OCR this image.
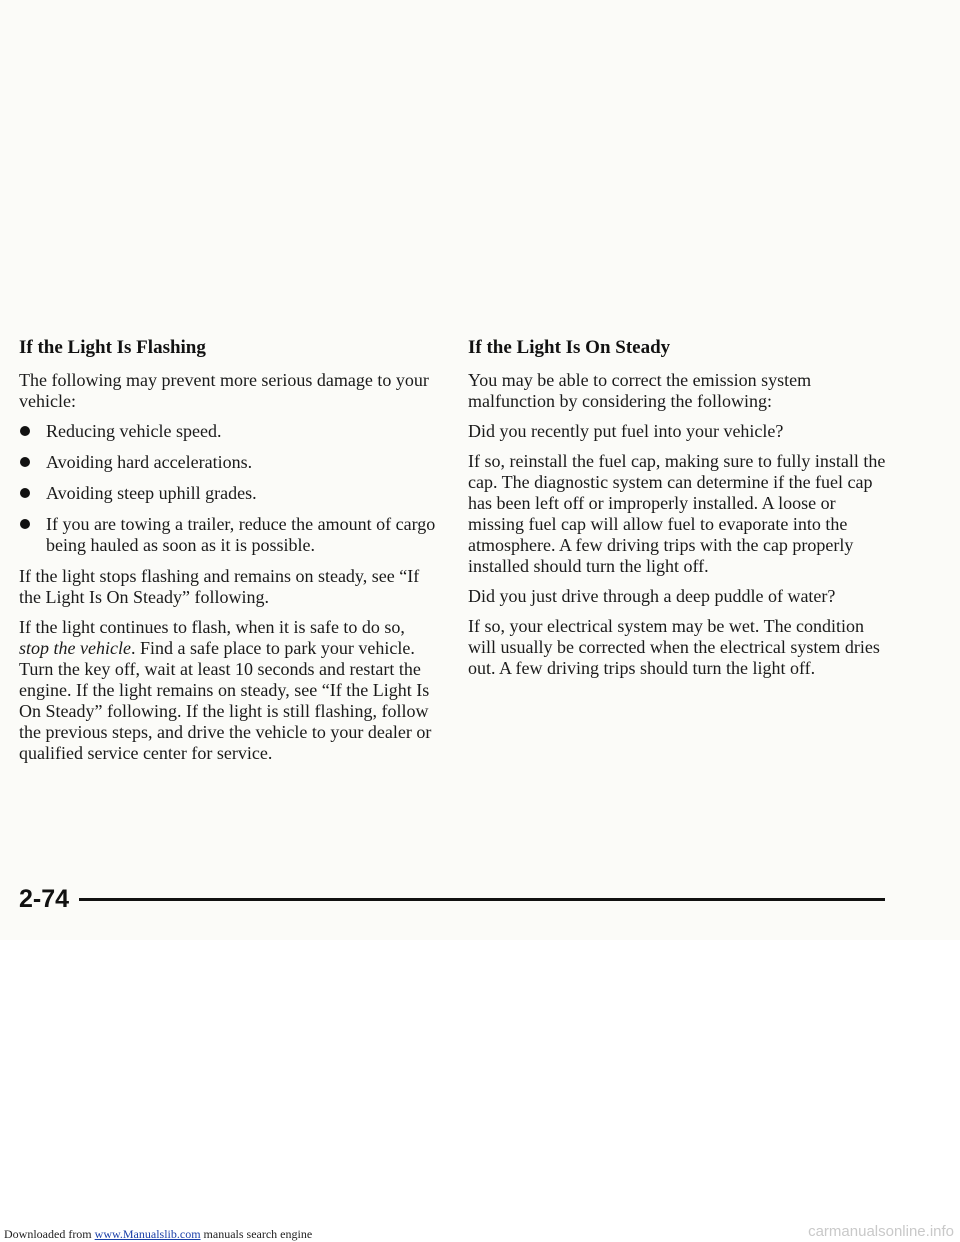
If the Light Is Flashing

The following may prevent more serious damage to your vehicle:

Reducing vehicle speed.
Avoiding hard accelerations.
Avoiding steep uphill grades.
If you are towing a trailer, reduce the amount of cargo being hauled as soon as it is possible.

If the light stops flashing and remains on steady, see “If the Light Is On Steady” following.

If the light continues to flash, when it is safe to do so, stop the vehicle. Find a safe place to park your vehicle. Turn the key off, wait at least 10 seconds and restart the engine. If the light remains on steady, see “If the Light Is On Steady” following. If the light is still flashing, follow the previous steps, and drive the vehicle to your dealer or qualified service center for service.

If the Light Is On Steady

You may be able to correct the emission system malfunction by considering the following:

Did you recently put fuel into your vehicle?

If so, reinstall the fuel cap, making sure to fully install the cap. The diagnostic system can determine if the fuel cap has been left off or improperly installed. A loose or missing fuel cap will allow fuel to evaporate into the atmosphere. A few driving trips with the cap properly installed should turn the light off.

Did you just drive through a deep puddle of water?

If so, your electrical system may be wet. The condition will usually be corrected when the electrical system dries out. A few driving trips should turn the light off.

2-74
Downloaded from www.Manualslib.com manuals search engine	carmanualsonline.info
